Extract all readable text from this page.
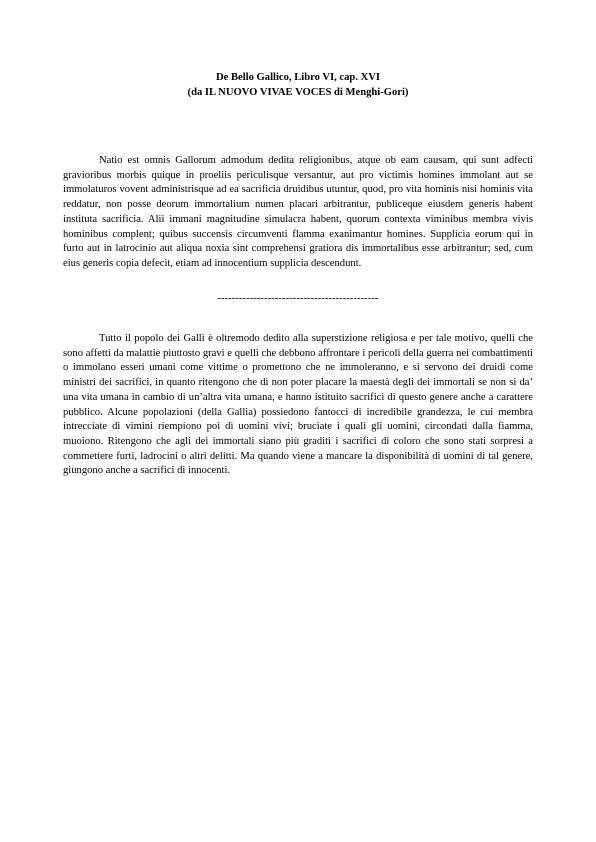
De Bello Gallico, Libro VI, cap. XVI
(da IL NUOVO VIVAE VOCES di Menghi-Gori)

Natio est omnis Gallorum admodum dedita religionibus, atque ob eam causam, qui sunt adfecti gravioribus morbis quique in proeliis periculisque versantur, aut pro victimis homines immolant aut se immolaturos vovent administrisque ad ea sacrificia druidibus utuntur, quod, pro vita hominis nisi hominis vita reddatur, non posse deorum immortalium numen placari arbitrantur, publiceque eiusdem generis habent instituta sacrificia. Alii immani magnitudine simulacra habent, quorum contexta viminibus membra vivis hominibus complent; quibus succensis circumventi flamma exanimantur homines. Supplicia eorum qui in furto aut in latrocinio aut aliqua noxia sint comprehensi gratiora dis immortalibus esse arbitrantur; sed, cum eius generis copia defecit, etiam ad innocentium supplicia descendunt.

---------------------------------------------

Tutto il popolo dei Galli è oltremodo dedito alla superstizione religiosa e per tale motivo, quelli che sono affetti da malattie piuttosto gravi e quelli che debbono affrontare i pericoli della guerra nei combattimenti o immolano esseri umani come vittime o promettono che ne immoleranno, e si servono dei druidi come ministri dei sacrifici, in quanto ritengono che di non poter placare la maestà degli dei immortali se non si da’ una vita umana in cambio di un’altra vita umana, e hanno istituito sacrifici di questo genere anche a carattere pubblico. Alcune popolazioni (della Gallia) possiedono fantocci di incredibile grandezza, le cui membra intrecciate di vimini riempiono poi di uomini vivi; bruciate i quali gli uomini, circondati dalla fiamma, muoiono. Ritengono che agli dei immortali siano più graditi i sacrifici di coloro che sono stati sorpresi a commettere furti, ladrocini o altri delitti. Ma quando viene a mancare la disponibilità di uomini di tal genere, giungono anche a sacrifici di innocenti.
